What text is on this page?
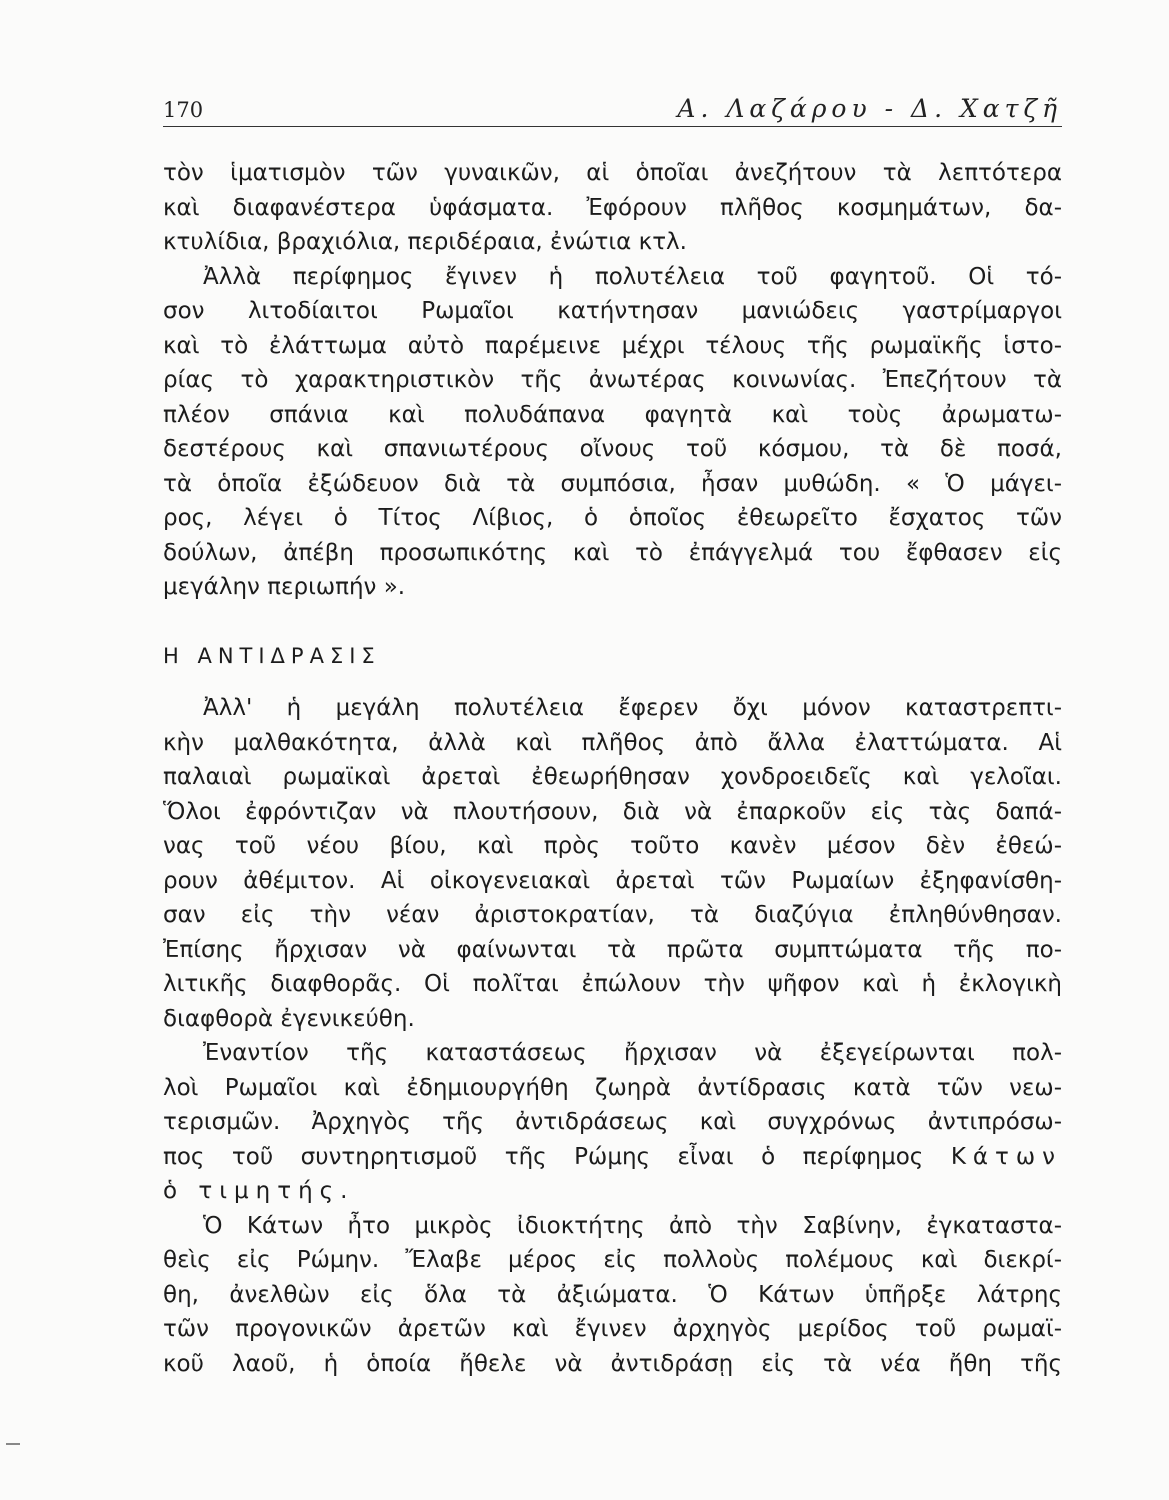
170	Α. Λαζάρου - Δ. Χατζῆ
τὸν ἱματισμὸν τῶν γυναικῶν, αἱ ὁποῖαι ἀνεζήτουν τὰ λεπτότερα
καὶ διαφανέστερα ὑφάσματα. Ἐφόρουν πλῆθος κοσμημάτων, δα-
κτυλίδια, βραχιόλια, περιδέραια, ἐνώτια κτλ.
Ἀλλὰ περίφημος ἔγινεν ἡ πολυτέλεια τοῦ φαγητοῦ. Οἱ τό-
σον λιτοδίαιτοι Ρωμαῖοι κατήντησαν μανιώδεις γαστρίμαργοι
καὶ τὸ ἐλάττωμα αὐτὸ παρέμεινε μέχρι τέλους τῆς ρωμαϊκῆς ἱστο-
ρίας τὸ χαρακτηριστικὸν τῆς ἀνωτέρας κοινωνίας. Ἐπεζήτουν τὰ
πλέον σπάνια καὶ πολυδάπανα φαγητὰ καὶ τοὺς ἀρωματω-
δεστέρους καὶ σπανιωτέρους οἴνους τοῦ κόσμου, τὰ δὲ ποσά,
τὰ ὁποῖα ἐξώδευον διὰ τὰ συμπόσια, ἦσαν μυθώδη. « Ὁ μάγει-
ρος, λέγει ὁ Τίτος Λίβιος, ὁ ὁποῖος ἐθεωρεῖτο ἔσχατος τῶν
δούλων, ἀπέβη προσωπικότης καὶ τὸ ἐπάγγελμά του ἔφθασεν εἰς
μεγάλην περιωπήν ».
Η ΑΝΤΙΔΡΑΣΙΣ
Ἀλλ' ἡ μεγάλη πολυτέλεια ἔφερεν ὄχι μόνον καταστρεπτι-
κὴν μαλθακότητα, ἀλλὰ καὶ πλῆθος ἀπὸ ἄλλα ἐλαττώματα. Αἱ
παλαιαὶ ρωμαϊκαὶ ἀρεταὶ ἐθεωρήθησαν χονδροειδεῖς καὶ γελοῖαι.
Ὅλοι ἐφρόντιζαν νὰ πλουτήσουν, διὰ νὰ ἐπαρκοῦν εἰς τὰς δαπά-
νας τοῦ νέου βίου, καὶ πρὸς τοῦτο κανὲν μέσον δὲν ἐθεώ-
ρουν ἀθέμιτον. Αἱ οἰκογενειακαὶ ἀρεταὶ τῶν Ρωμαίων ἐξηφανίσθη-
σαν εἰς τὴν νέαν ἀριστοκρατίαν, τὰ διαζύγια ἐπληθύνθησαν.
Ἐπίσης ἤρχισαν νὰ φαίνωνται τὰ πρῶτα συμπτώματα τῆς πο-
λιτικῆς διαφθορᾶς. Οἱ πολῖται ἐπώλουν τὴν ψῆφον καὶ ἡ ἐκλογικὴ
διαφθορὰ ἐγενικεύθη.
Ἐναντίον τῆς καταστάσεως ἤρχισαν νὰ ἐξεγείρωνται πολ-
λοὶ Ρωμαῖοι καὶ ἐδημιουργήθη ζωηρὰ ἀντίδρασις κατὰ τῶν νεω-
τερισμῶν. Ἀρχηγὸς τῆς ἀντιδράσεως καὶ συγχρόνως ἀντιπρόσω-
πος τοῦ συντηρητισμοῦ τῆς Ρώμης εἶναι ὁ περίφημος Κάτων
ὁ τιμητής.
Ὁ Κάτων ἦτο μικρὸς ἰδιοκτήτης ἀπὸ τὴν Σαβίνην, ἐγκαταστα-
θεὶς εἰς Ρώμην. Ἔλαβε μέρος εἰς πολλοὺς πολέμους καὶ διεκρί-
θη, ἀνελθὼν εἰς ὅλα τὰ ἀξιώματα. Ὁ Κάτων ὑπῆρξε λάτρης
τῶν προγονικῶν ἀρετῶν καὶ ἔγινεν ἀρχηγὸς μερίδος τοῦ ρωμαϊ-
κοῦ λαοῦ, ἡ ὁποία ἤθελε νὰ ἀντιδράσῃ εἰς τὰ νέα ἤθη τῆς
